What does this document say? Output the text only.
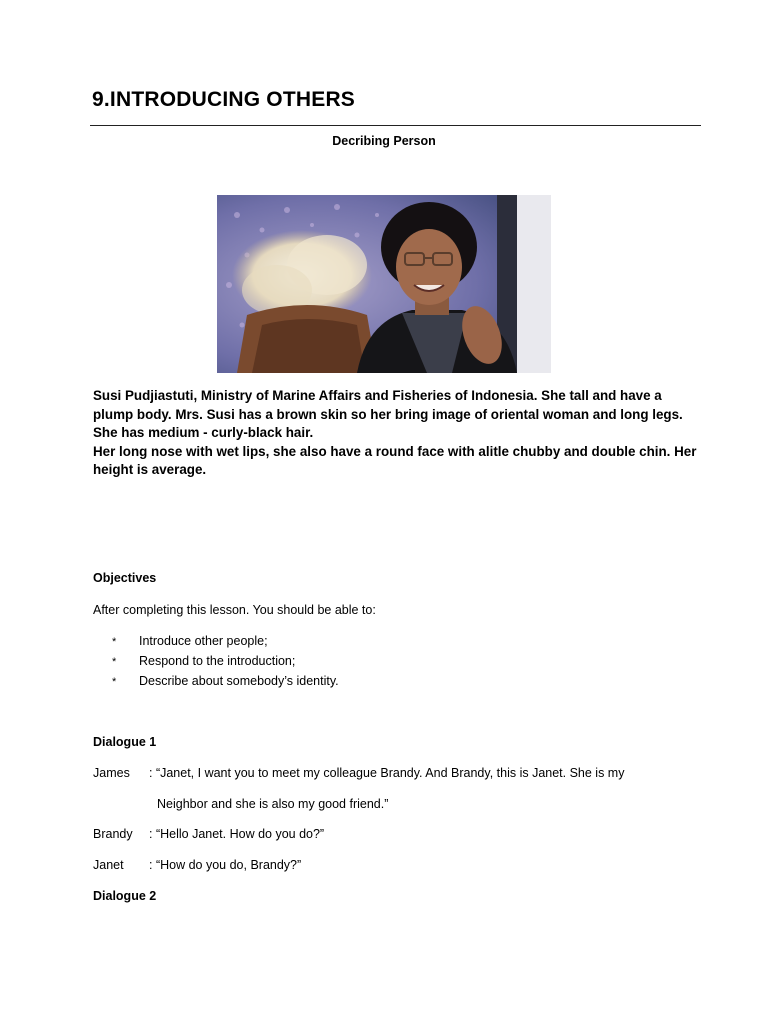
9.INTRODUCING OTHERS
Decribing Person

Susi Pudjiastuti, Ministry of Marine Affairs and Fisheries of Indonesia. She tall and have a plump body. Mrs. Susi has a brown skin so her bring image of oriental woman and long legs. She has medium - curly-black hair.

Her long nose with wet lips, she also have a round face with alitle chubby and double chin. Her height is average.

Objectives
After completing this lesson. You should be able to:
*	Introduce other people;
*	Respond to the introduction;
*	Describe about somebody’s identity.
Dialogue 1
James : “Janet, I want you to meet my colleague Brandy. And Brandy, this is Janet. She is my
Neighbor and she is also my good friend.”
Brandy : “Hello Janet. How do you do?”
Janet : “How do you do, Brandy?”
Dialogue 2
